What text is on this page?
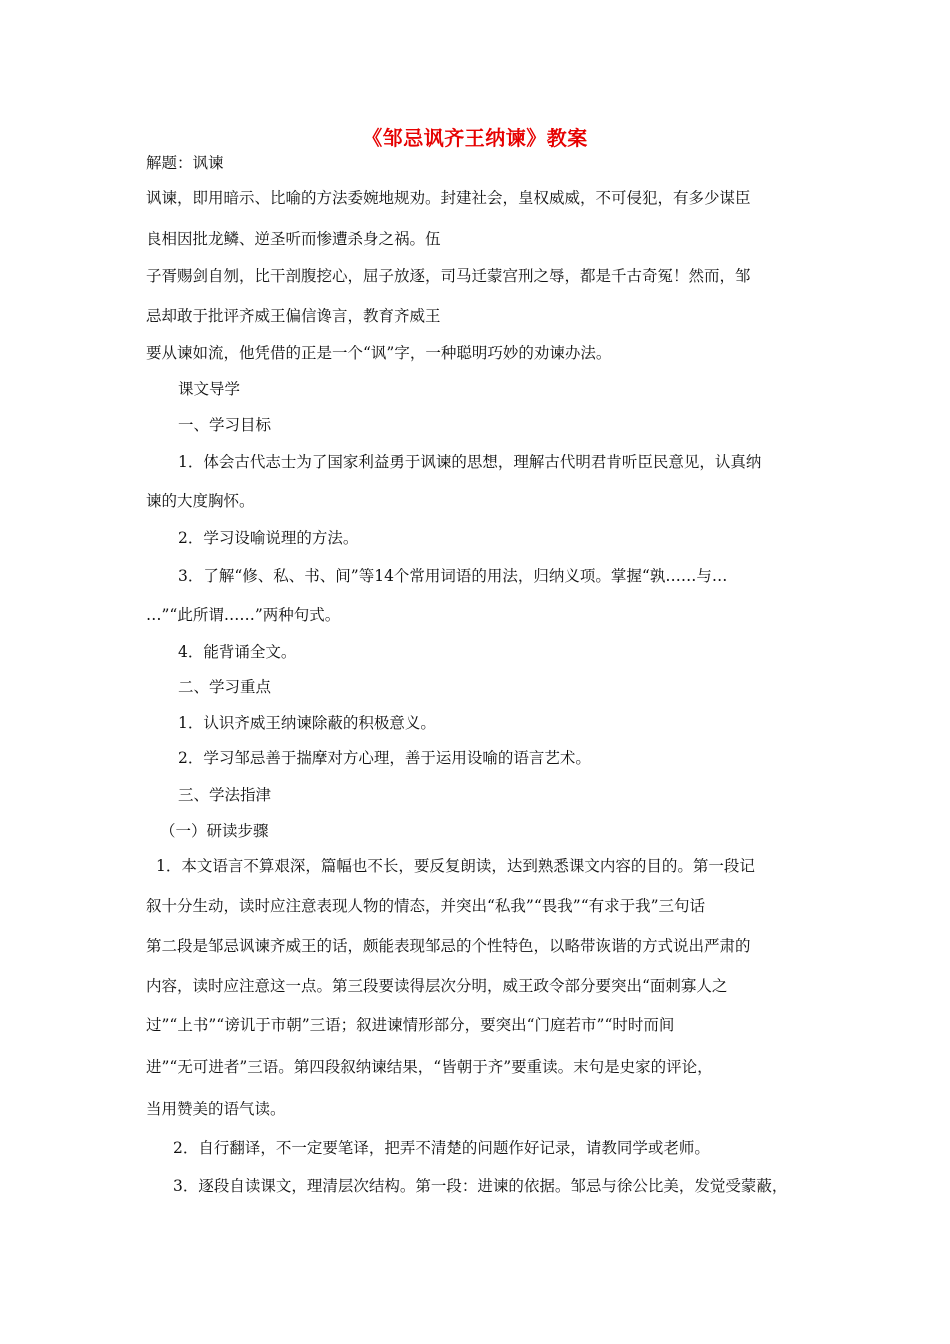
《邹忌讽齐王纳谏》教案
解题：讽谏
讽谏，即用暗示、比喻的方法委婉地规劝。封建社会，皇权威威，不可侵犯，有多少谋臣
良相因批龙鳞、逆圣听而惨遭杀身之祸。伍
子胥赐剑自刎，比干剖腹挖心，屈子放逐，司马迁蒙宫刑之辱，都是千古奇冤！然而，邹
忌却敢于批评齐威王偏信谗言，教育齐威王
要从谏如流，他凭借的正是一个“讽”字，一种聪明巧妙的劝谏办法。
课文导学
一、学习目标
1．体会古代志士为了国家利益勇于讽谏的思想，理解古代明君肯听臣民意见，认真纳
谏的大度胸怀。
2．学习设喻说理的方法。
3．了解“修、私、书、间”等14个常用词语的用法，归纳义项。掌握“孰……与…
…”“此所谓……”两种句式。
4．能背诵全文。
二、学习重点
1．认识齐威王纳谏除蔽的积极意义。
2．学习邹忌善于揣摩对方心理，善于运用设喻的语言艺术。
三、学法指津
（一）研读步骤
1．本文语言不算艰深，篇幅也不长，要反复朗读，达到熟悉课文内容的目的。第一段记
叙十分生动，读时应注意表现人物的情态，并突出“私我”“畏我”“有求于我”三句话
第二段是邹忌讽谏齐威王的话，颇能表现邹忌的个性特色，以略带诙谐的方式说出严肃的
内容，读时应注意这一点。第三段要读得层次分明，威王政令部分要突出“面刺寡人之
过”“上书”“谤讥于市朝”三语；叙进谏情形部分，要突出“门庭若市”“时时而间
进”“无可进者”三语。第四段叙纳谏结果，“皆朝于齐”要重读。末句是史家的评论，
当用赞美的语气读。
2．自行翻译，不一定要笔译，把弄不清楚的问题作好记录，请教同学或老师。
3．逐段自读课文，理清层次结构。第一段：进谏的依据。邹忌与徐公比美，发觉受蒙蔽，
